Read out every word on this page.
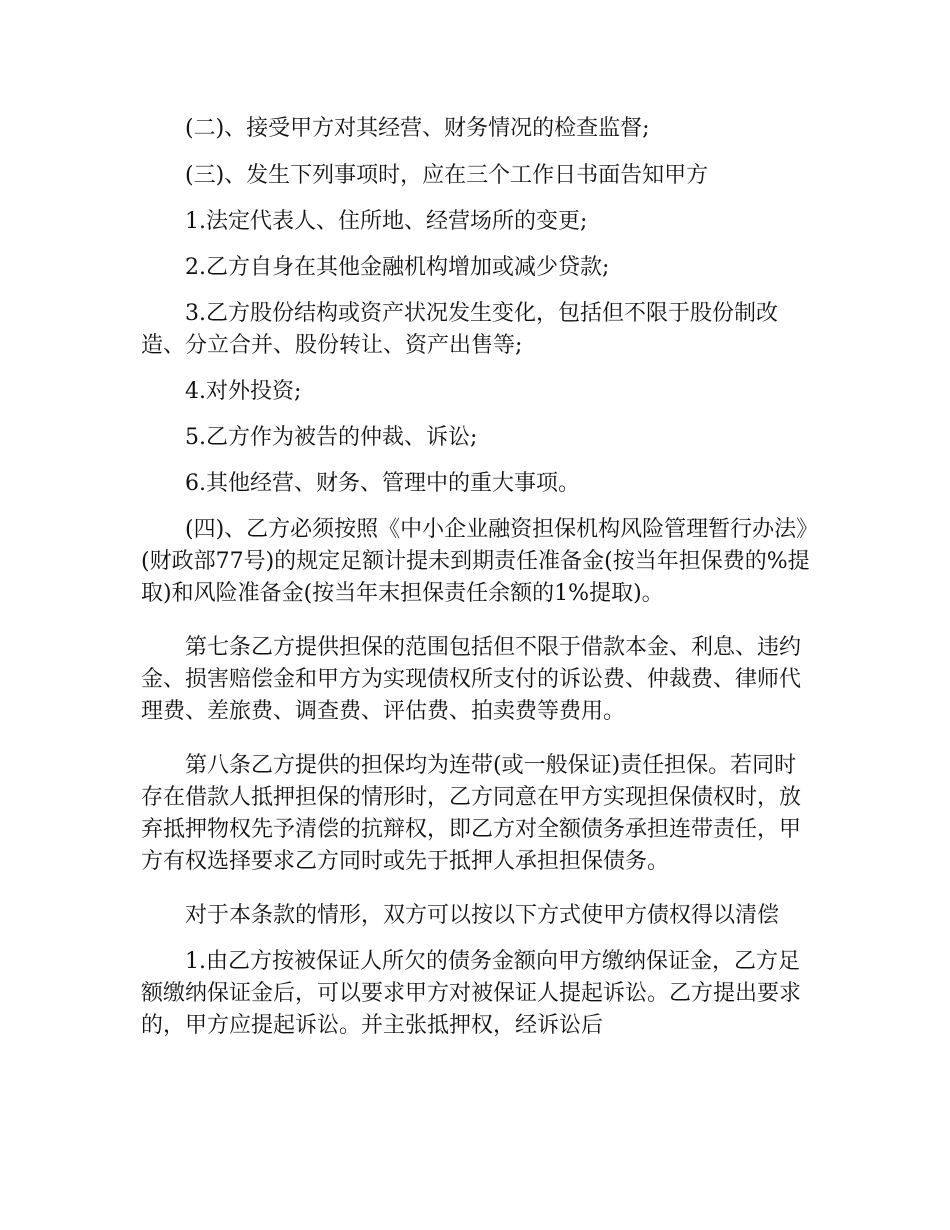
(二)、接受甲方对其经营、财务情况的检查监督;

(三)、发生下列事项时，应在三个工作日书面告知甲方

1.法定代表人、住所地、经营场所的变更;

2.乙方自身在其他金融机构增加或减少贷款;

3.乙方股份结构或资产状况发生变化，包括但不限于股份制改造、分立合并、股份转让、资产出售等;

4.对外投资;

5.乙方作为被告的仲裁、诉讼;

6.其他经营、财务、管理中的重大事项。

(四)、乙方必须按照《中小企业融资担保机构风险管理暂行办法》(财政部77号)的规定足额计提未到期责任准备金(按当年担保费的%提取)和风险准备金(按当年末担保责任余额的1%提取)。

第七条乙方提供担保的范围包括但不限于借款本金、利息、违约金、损害赔偿金和甲方为实现债权所支付的诉讼费、仲裁费、律师代理费、差旅费、调查费、评估费、拍卖费等费用。

第八条乙方提供的担保均为连带(或一般保证)责任担保。若同时存在借款人抵押担保的情形时，乙方同意在甲方实现担保债权时，放弃抵押物权先予清偿的抗辩权，即乙方对全额债务承担连带责任，甲方有权选择要求乙方同时或先于抵押人承担担保债务。

对于本条款的情形，双方可以按以下方式使甲方债权得以清偿

1.由乙方按被保证人所欠的债务金额向甲方缴纳保证金，乙方足额缴纳保证金后，可以要求甲方对被保证人提起诉讼。乙方提出要求的，甲方应提起诉讼。并主张抵押权，经诉讼后
